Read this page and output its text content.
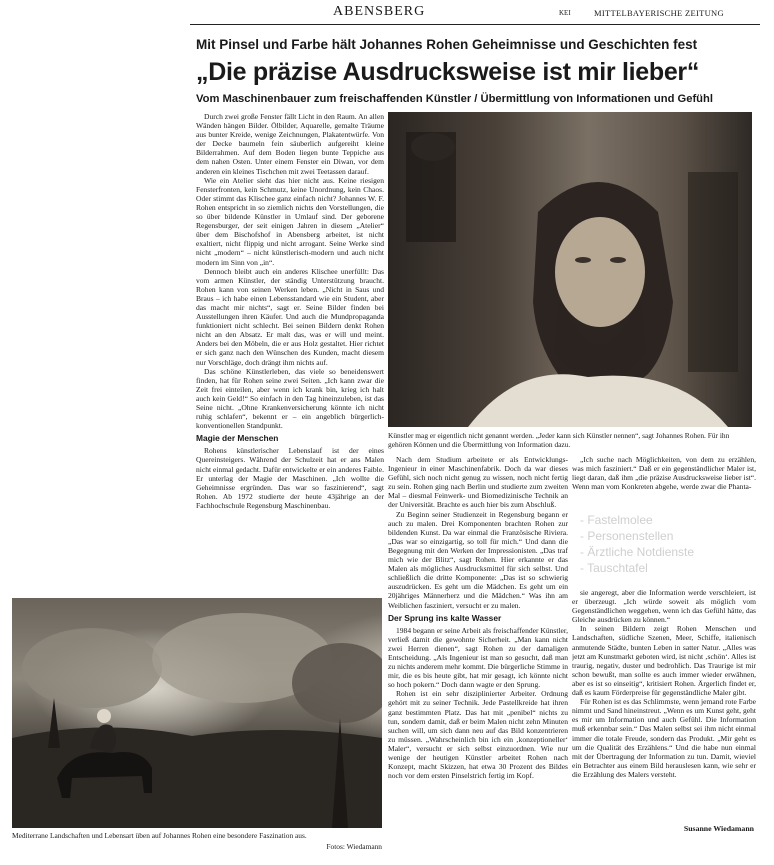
ABENSBERG	KEI	MITTELBAYERISCHE ZEITUNG
Mit Pinsel und Farbe hält Johannes Rohen Geheimnisse und Geschichten fest
„Die präzise Ausdrucksweise ist mir lieber“
Vom Maschinenbauer zum freischaffenden Künstler / Übermittlung von Informationen und Gefühl

Durch zwei große Fenster fällt Licht in den Raum. An allen Wänden hängen Bilder. Ölbilder, Aquarelle, gemalte Träume aus bunter Kreide, wenige Zeichnungen, Plakatentwürfe. Von der Decke baumeln fein säuberlich aufgereiht kleine Bilderrahmen. Auf dem Boden liegen bunte Teppiche aus dem nahen Osten. Unter einem Fenster ein Diwan, vor dem anderen ein kleines Tischchen mit zwei Teetassen darauf.

Wie ein Atelier sieht das hier nicht aus. Keine riesigen Fensterfronten, kein Schmutz, keine Unordnung, kein Chaos. Oder stimmt das Klischee ganz einfach nicht? Johannes W. F. Rohen entspricht in so ziemlich nichts den Vorstellungen, die so über bildende Künstler in Umlauf sind. Der geborene Regensburger, der seit einigen Jahren in diesem „Atelier“ über dem Bischofshof in Abensberg arbeitet, ist nicht exaltiert, nicht flippig und nicht arrogant. Seine Werke sind nicht „modern“ – nicht künstlerisch-modern und auch nicht modern im Sinn von „in“.

Dennoch bleibt auch ein anderes Klischee unerfüllt: Das vom armen Künstler, der ständig Unterstützung braucht. Rohen kann von seinen Werken leben. „Nicht in Saus und Braus – ich habe einen Lebensstandard wie ein Student, aber das macht mir nichts“, sagt er. Seine Bilder finden bei Ausstellungen ihren Käufer. Und auch die Mundpropaganda funktioniert nicht schlecht. Bei seinen Bildern denkt Rohen nicht an den Absatz. Er malt das, was er will und meint. Anders bei den Möbeln, die er aus Holz gestaltet. Hier richtet er sich ganz nach den Wünschen des Kunden, macht diesem nur Vorschläge, doch drängt ihm nichts auf.

Das schöne Künstlerleben, das viele so beneidenswert finden, hat für Rohen seine zwei Seiten. „Ich kann zwar die Zeit frei einteilen, aber wenn ich krank bin, krieg ich halt auch kein Geld!“ So einfach in den Tag hineinzuleben, ist das Seine nicht. „Ohne Krankenversicherung könnte ich nicht ruhig schlafen“, bekennt er – ein angeblich bürgerlich-konventionellen Standpunkt.

Magie der Menschen

Rohens künstlerischer Lebenslauf ist der eines Quereinsteigers. Während der Schulzeit hat er ans Malen nicht einmal gedacht. Dafür entwickelte er ein anderes Faible. Er unterlag der Magie der Maschinen. „Ich wollte die Geheimnisse ergründen. Das war so faszinierend“, sagt Rohen. Ab 1972 studierte der heute 43jährige an der Fachhochschule Regensburg Maschinenbau.

Künstler mag er eigentlich nicht genannt werden. „Jeder kann sich Künstler nennen“, sagt Johannes Rohen. Für ihn gehören Können und die Übermittlung von Information dazu.

Nach dem Studium arbeitete er als Entwicklungs-Ingenieur in einer Maschinenfabrik. Doch da war dieses Gefühl, sich noch nicht genug zu wissen, noch nicht fertig zu sein. Rohen ging nach Berlin und studierte zum zweiten Mal – diesmal Feinwerk- und Biomedizinische Technik an der Universität. Brachte es auch hier bis zum Abschluß.

Zu Beginn seiner Studienzeit in Regensburg begann er auch zu malen. Drei Komponenten brachten Rohen zur bildenden Kunst. Da war einmal die Französische Riviera. „Das war so einzigartig, so toll für mich.“ Und dann die Begegnung mit den Werken der Impressionisten. „Das traf mich wie der Blitz“, sagt Rohen. Hier erkannte er das Malen als mögliches Ausdrucksmittel für sich selbst. Und schließlich die dritte Komponente: „Das ist so schwierig auszudrücken. Es geht um die Mädchen. Es geht um ein 20jähriges Männerherz und die Mädchen.“ Was ihn am Weiblichen fasziniert, versucht er zu malen.

Der Sprung ins kalte Wasser

1984 begann er seine Arbeit als freischaffender Künstler, verließ damit die gewohnte Sicherheit. „Man kann nicht zwei Herren dienen“, sagt Rohen zu der damaligen Entscheidung. „Als Ingenieur ist man so gesucht, daß man zu nichts anderem mehr kommt. Die bürgerliche Stimme in mir, die es bis heute gibt, hat mir gesagt, ich könnte nicht so hoch pokern.“ Doch dann wagte er den Sprung.

Rohen ist ein sehr disziplinierter Arbeiter. Ordnung gehört mit zu seiner Technik. Jede Pastellkreide hat ihren ganz bestimmten Platz. Das hat mit „penibel“ nichts zu tun, sondern damit, daß er beim Malen nicht zehn Minuten suchen will, um sich dann neu auf das Bild konzentrieren zu müssen. „Wahrscheinlich bin ich ein ‚konzeptioneller‘ Maler“, versucht er sich selbst einzuordnen. Wie nur wenige der heutigen Künstler arbeitet Rohen nach Konzept, macht Skizzen, hat etwa 30 Prozent des Bildes noch vor dem ersten Pinselstrich fertig im Kopf.

„Ich suche nach Möglichkeiten, von dem zu erzählen, was mich fasziniert.“ Daß er ein gegenständlicher Maler ist, liegt daran, daß ihm „die präzise Ausdrucksweise lieber ist“. Wenn man vom Konkreten abgehe, werde zwar die Phanta-

- Fastelmolee
- Personenstellen
- Ärztliche Notdienste
- Tauschtafel

sie angeregt, aber die Information werde verschleiert, ist er überzeugt. „Ich würde soweit als möglich vom Gegenständlichen weggehen, wenn ich das Gefühl hätte, das Gleiche ausdrücken zu können.“

In seinen Bildern zeigt Rohen Menschen und Landschaften, südliche Szenen, Meer, Schiffe, italienisch anmutende Städte, bunten Leben in satter Natur. „Alles was jetzt am Kunstmarkt geboten wird, ist nicht ‚schön‘. Alles ist traurig, negativ, duster und bedrohlich. Das Traurige ist mir schon bewußt, man sollte es auch immer wieder erwähnen, aber es ist so einseitig“, kritisiert Rohen. Ärgerlich findet er, daß es kaum Förderpreise für gegenständliche Maler gibt.

Für Rohen ist es das Schlimmste, wenn jemand rote Farbe nimmt und Sand hineinstreut. „Wenn es um Kunst geht, geht es mir um Information und auch Gefühl. Die Information muß erkennbar sein.“ Das Malen selbst sei ihm nicht einmal immer die totale Freude, sondern das Produkt. „Mir geht es um die Qualität des Erzählens.“ Und die habe nun einmal mit der Übertragung der Information zu tun. Damit, wieviel ein Betrachter aus einem Bild herauslesen kann, wie sehr er die Erzählung des Malers versteht.

Susanne Wiedamann
Mediterrane Landschaften und Lebensart üben auf Johannes Rohen eine besondere Faszination aus.
Fotos: Wiedamann
